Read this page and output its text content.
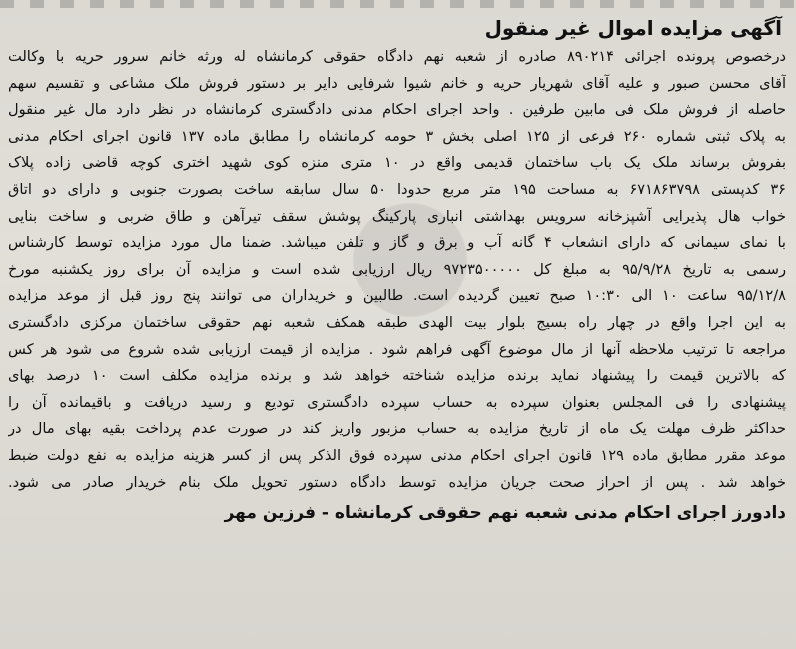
آگهی مزایده اموال غیر منقول
درخصوص پرونده اجرائی ۸۹۰۲۱۴ صادره از شعبه نهم دادگاه حقوقی کرمانشاه له ورثه خانم سرور حریه با وکالت
آقای محسن صبور و علیه آقای شهریار حریه و خانم شیوا شرفایی دایر بر دستور فروش ملک مشاعی و تقسیم سهم
حاصله از فروش ملک فی مابین طرفین . واحد اجرای احکام مدنی دادگستری کرمانشاه در نظر دارد مال غیر منقول
به پلاک ثبتی شماره ۲۶۰ فرعی از ۱۲۵ اصلی بخش ۳ حومه کرمانشاه را مطابق ماده ۱۳۷ قانون اجرای احکام مدنی
بفروش برساند ملک یک باب ساختمان قدیمی واقع در ۱۰ متری منزه کوی شهید اختری کوچه قاضی زاده پلاک
۳۶ کدپستی ۶۷۱۸۶۳۷۹۸ به مساحت ۱۹۵ متر مربع حدودا ۵۰ سال سابقه ساخت بصورت جنوبی و دارای دو اتاق
خواب هال پذیرایی آشپزخانه سرویس بهداشتی انباری پارکینگ پوشش سقف تیرآهن و طاق ضربی و ساخت بنایی
با نمای سیمانی که دارای انشعاب ۴ گانه آب و برق و گاز و تلفن میباشد. ضمنا مال مورد مزایده توسط کارشناس
رسمی به تاریخ ۹۵/۹/۲۸ به مبلغ کل ۹۷۲۳۵۰۰۰۰۰ ریال ارزیابی شده است و مزایده آن برای روز یکشنبه مورخ
۹۵/۱۲/۸ ساعت ۱۰ الی ۱۰:۳۰ صبح تعیین گردیده است. طالبین و خریداران می توانند پنج روز قبل از موعد مزایده
به این اجرا واقع در چهار راه بسیج بلوار بیت الهدی طبقه همکف شعبه نهم حقوقی ساختمان مرکزی دادگستری
مراجعه تا ترتیب ملاحظه آنها از مال موضوع آگهی فراهم شود . مزایده از قیمت ارزیابی شده شروع می شود هر کس
که بالاترین قیمت را پیشنهاد نماید برنده مزایده شناخته خواهد شد و برنده مزایده مکلف است ۱۰ درصد بهای
پیشنهادی را فی المجلس بعنوان سپرده به حساب سپرده دادگستری تودیع و رسید دریافت و باقیمانده آن را
حداکثر ظرف مهلت یک ماه از تاریخ مزایده به حساب مزبور واریز کند در صورت عدم پرداخت بقیه بهای مال در
موعد مقرر مطابق ماده ۱۲۹ قانون اجرای احکام مدنی سپرده فوق الذکر پس از کسر هزینه مزایده به نفع دولت ضبط
خواهد شد . پس از احراز صحت جریان مزایده توسط دادگاه دستور تحویل ملک بنام خریدار صادر می شود.
دادورز اجرای احکام مدنی شعبه نهم حقوقی کرمانشاه - فرزین مهر
